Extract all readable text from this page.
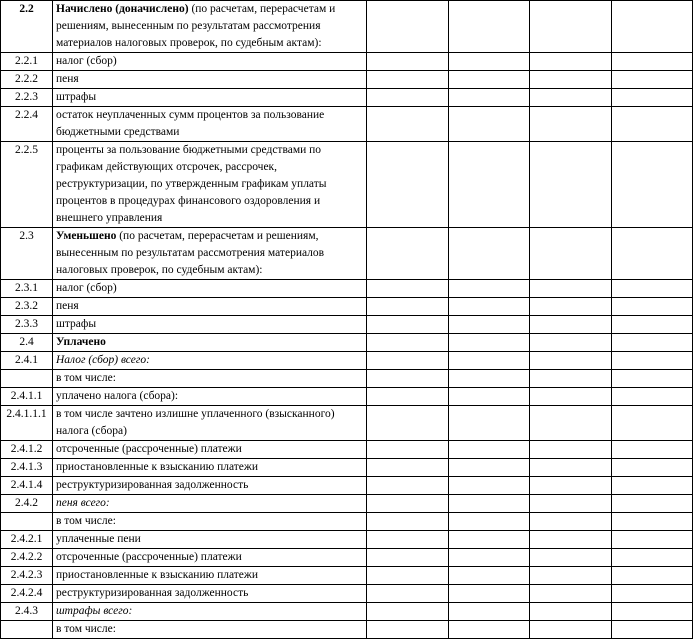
2.2	Начислено (доначислено) (по расчетам, перерасчетам и решениям, вынесенным по результатам рассмотрения материалов налоговых проверок, по судебным актам):				
2.2.1	налог (сбор)				
2.2.2	пеня				
2.2.3	штрафы				
2.2.4	остаток неуплаченных сумм процентов за пользование бюджетными средствами				
2.2.5	проценты за пользование бюджетными средствами по графикам действующих отсрочек, рассрочек, реструктуризации, по утвержденным графикам уплаты процентов в процедурах финансового оздоровления и внешнего управления				
2.3	Уменьшено (по расчетам, перерасчетам и решениям, вынесенным по результатам рассмотрения материалов налоговых проверок, по судебным актам):				
2.3.1	налог (сбор)				
2.3.2	пеня				
2.3.3	штрафы				
2.4	Уплачено				
2.4.1	Налог (сбор) всего:				
	в том числе:				
2.4.1.1	уплачено налога (сбора):				
2.4.1.1.1	в том числе зачтено излишне уплаченного (взысканного) налога (сбора)				
2.4.1.2	отсроченные (рассроченные) платежи				
2.4.1.3	приостановленные к взысканию платежи				
2.4.1.4	реструктуризированная задолженность				
2.4.2	пеня всего:				
	в том числе:				
2.4.2.1	уплаченные пени				
2.4.2.2	отсроченные (рассроченные) платежи				
2.4.2.3	приостановленные к взысканию платежи				
2.4.2.4	реструктуризированная задолженность				
2.4.3	штрафы всего:				
	в том числе:				
